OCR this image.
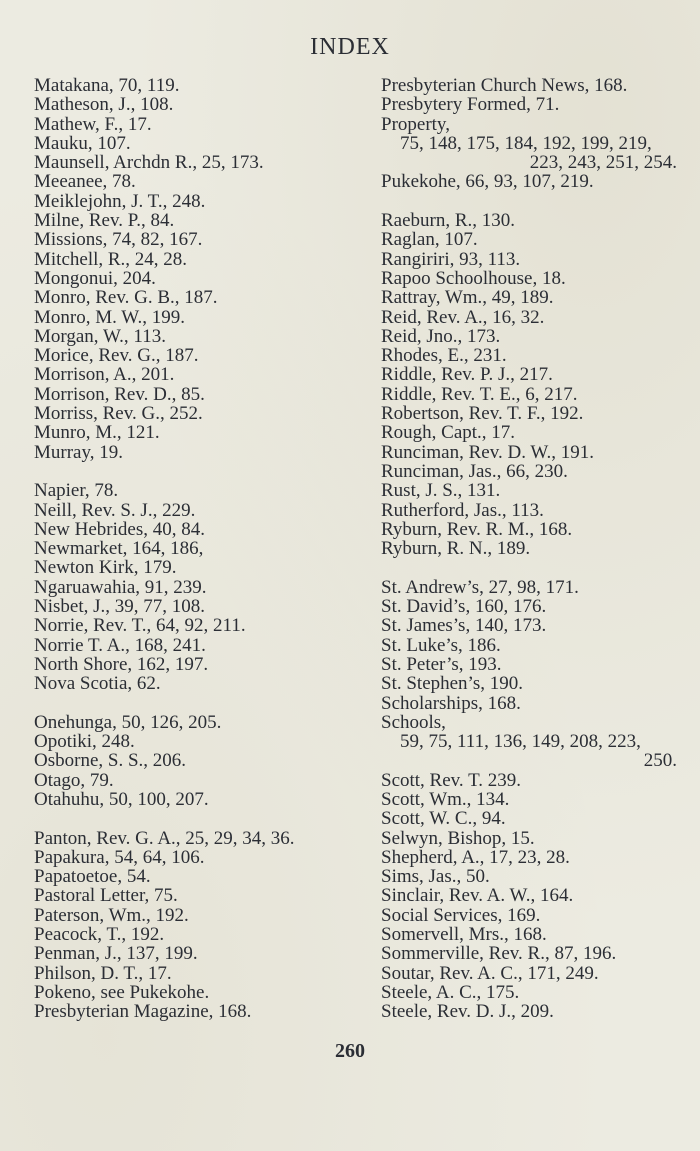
INDEX
Matakana, 70, 119.
Matheson, J., 108.
Mathew, F., 17.
Mauku, 107.
Maunsell, Archdn R., 25, 173.
Meeanee, 78.
Meiklejohn, J. T., 248.
Milne, Rev. P., 84.
Missions, 74, 82, 167.
Mitchell, R., 24, 28.
Mongonui, 204.
Monro, Rev. G. B., 187.
Monro, M. W., 199.
Morgan, W., 113.
Morice, Rev. G., 187.
Morrison, A., 201.
Morrison, Rev. D., 85.
Morriss, Rev. G., 252.
Munro, M., 121.
Murray, 19.
Napier, 78.
Neill, Rev. S. J., 229.
New Hebrides, 40, 84.
Newmarket, 164, 186,
Newton Kirk, 179.
Ngaruawahia, 91, 239.
Nisbet, J., 39, 77, 108.
Norrie, Rev. T., 64, 92, 211.
Norrie T. A., 168, 241.
North Shore, 162, 197.
Nova Scotia, 62.
Onehunga, 50, 126, 205.
Opotiki, 248.
Osborne, S. S., 206.
Otago, 79.
Otahuhu, 50, 100, 207.
Panton, Rev. G. A., 25, 29, 34, 36.
Papakura, 54, 64, 106.
Papatoetoe, 54.
Pastoral Letter, 75.
Paterson, Wm., 192.
Peacock, T., 192.
Penman, J., 137, 199.
Philson, D. T., 17.
Pokeno, see Pukekohe.
Presbyterian Magazine, 168.
Presbyterian Church News, 168.
Presbytery Formed, 71.
Property,
75, 148, 175, 184, 192, 199, 219,
223, 243, 251, 254.
Pukekohe, 66, 93, 107, 219.
Raeburn, R., 130.
Raglan, 107.
Rangiriri, 93, 113.
Rapoo Schoolhouse, 18.
Rattray, Wm., 49, 189.
Reid, Rev. A., 16, 32.
Reid, Jno., 173.
Rhodes, E., 231.
Riddle, Rev. P. J., 217.
Riddle, Rev. T. E., 6, 217.
Robertson, Rev. T. F., 192.
Rough, Capt., 17.
Runciman, Rev. D. W., 191.
Runciman, Jas., 66, 230.
Rust, J. S., 131.
Rutherford, Jas., 113.
Ryburn, Rev. R. M., 168.
Ryburn, R. N., 189.
St. Andrew’s, 27, 98, 171.
St. David’s, 160, 176.
St. James’s, 140, 173.
St. Luke’s, 186.
St. Peter’s, 193.
St. Stephen’s, 190.
Scholarships, 168.
Schools,
59, 75, 111, 136, 149, 208, 223,
250.
Scott, Rev. T. 239.
Scott, Wm., 134.
Scott, W. C., 94.
Selwyn, Bishop, 15.
Shepherd, A., 17, 23, 28.
Sims, Jas., 50.
Sinclair, Rev. A. W., 164.
Social Services, 169.
Somervell, Mrs., 168.
Sommerville, Rev. R., 87, 196.
Soutar, Rev. A. C., 171, 249.
Steele, A. C., 175.
Steele, Rev. D. J., 209.
260
